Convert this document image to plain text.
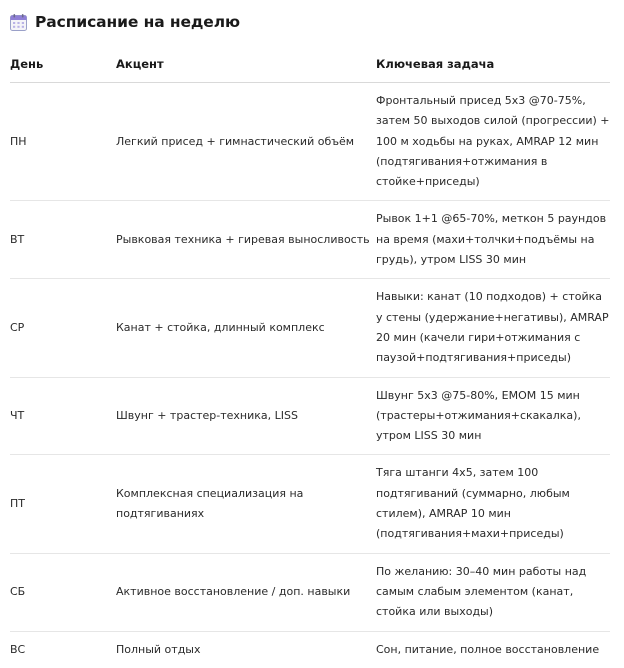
Расписание на неделю
День	Акцент	Ключевая задача
ПН	Легкий присед + гимнастический объём	Фронтальный присед 5x3 @70-75%, затем 50 выходов силой (прогрессии) + 100 м ходьбы на руках, AMRAP 12 мин (подтягивания+отжимания в стойке+приседы)
ВТ	Рывковая техника + гиревая выносливость	Рывок 1+1 @65-70%, меткон 5 раундов на время (махи+толчки+подъёмы на грудь), утром LISS 30 мин
СР	Канат + стойка, длинный комплекс	Навыки: канат (10 подходов) + стойка у стены (удержание+негативы), AMRAP 20 мин (качели гири+отжимания с паузой+подтягивания+приседы)
ЧТ	Швунг + трастер-техника, LISS	Швунг 5x3 @75-80%, EMOM 15 мин (трастеры+отжимания+скакалка), утром LISS 30 мин
ПТ	Комплексная специализация на подтягиваниях	Тяга штанги 4x5, затем 100 подтягиваний (суммарно, любым стилем), AMRAP 10 мин (подтягивания+махи+приседы)
СБ	Активное восстановление / доп. навыки	По желанию: 30–40 мин работы над самым слабым элементом (канат, стойка или выходы)
ВС	Полный отдых	Сон, питание, полное восстановление
